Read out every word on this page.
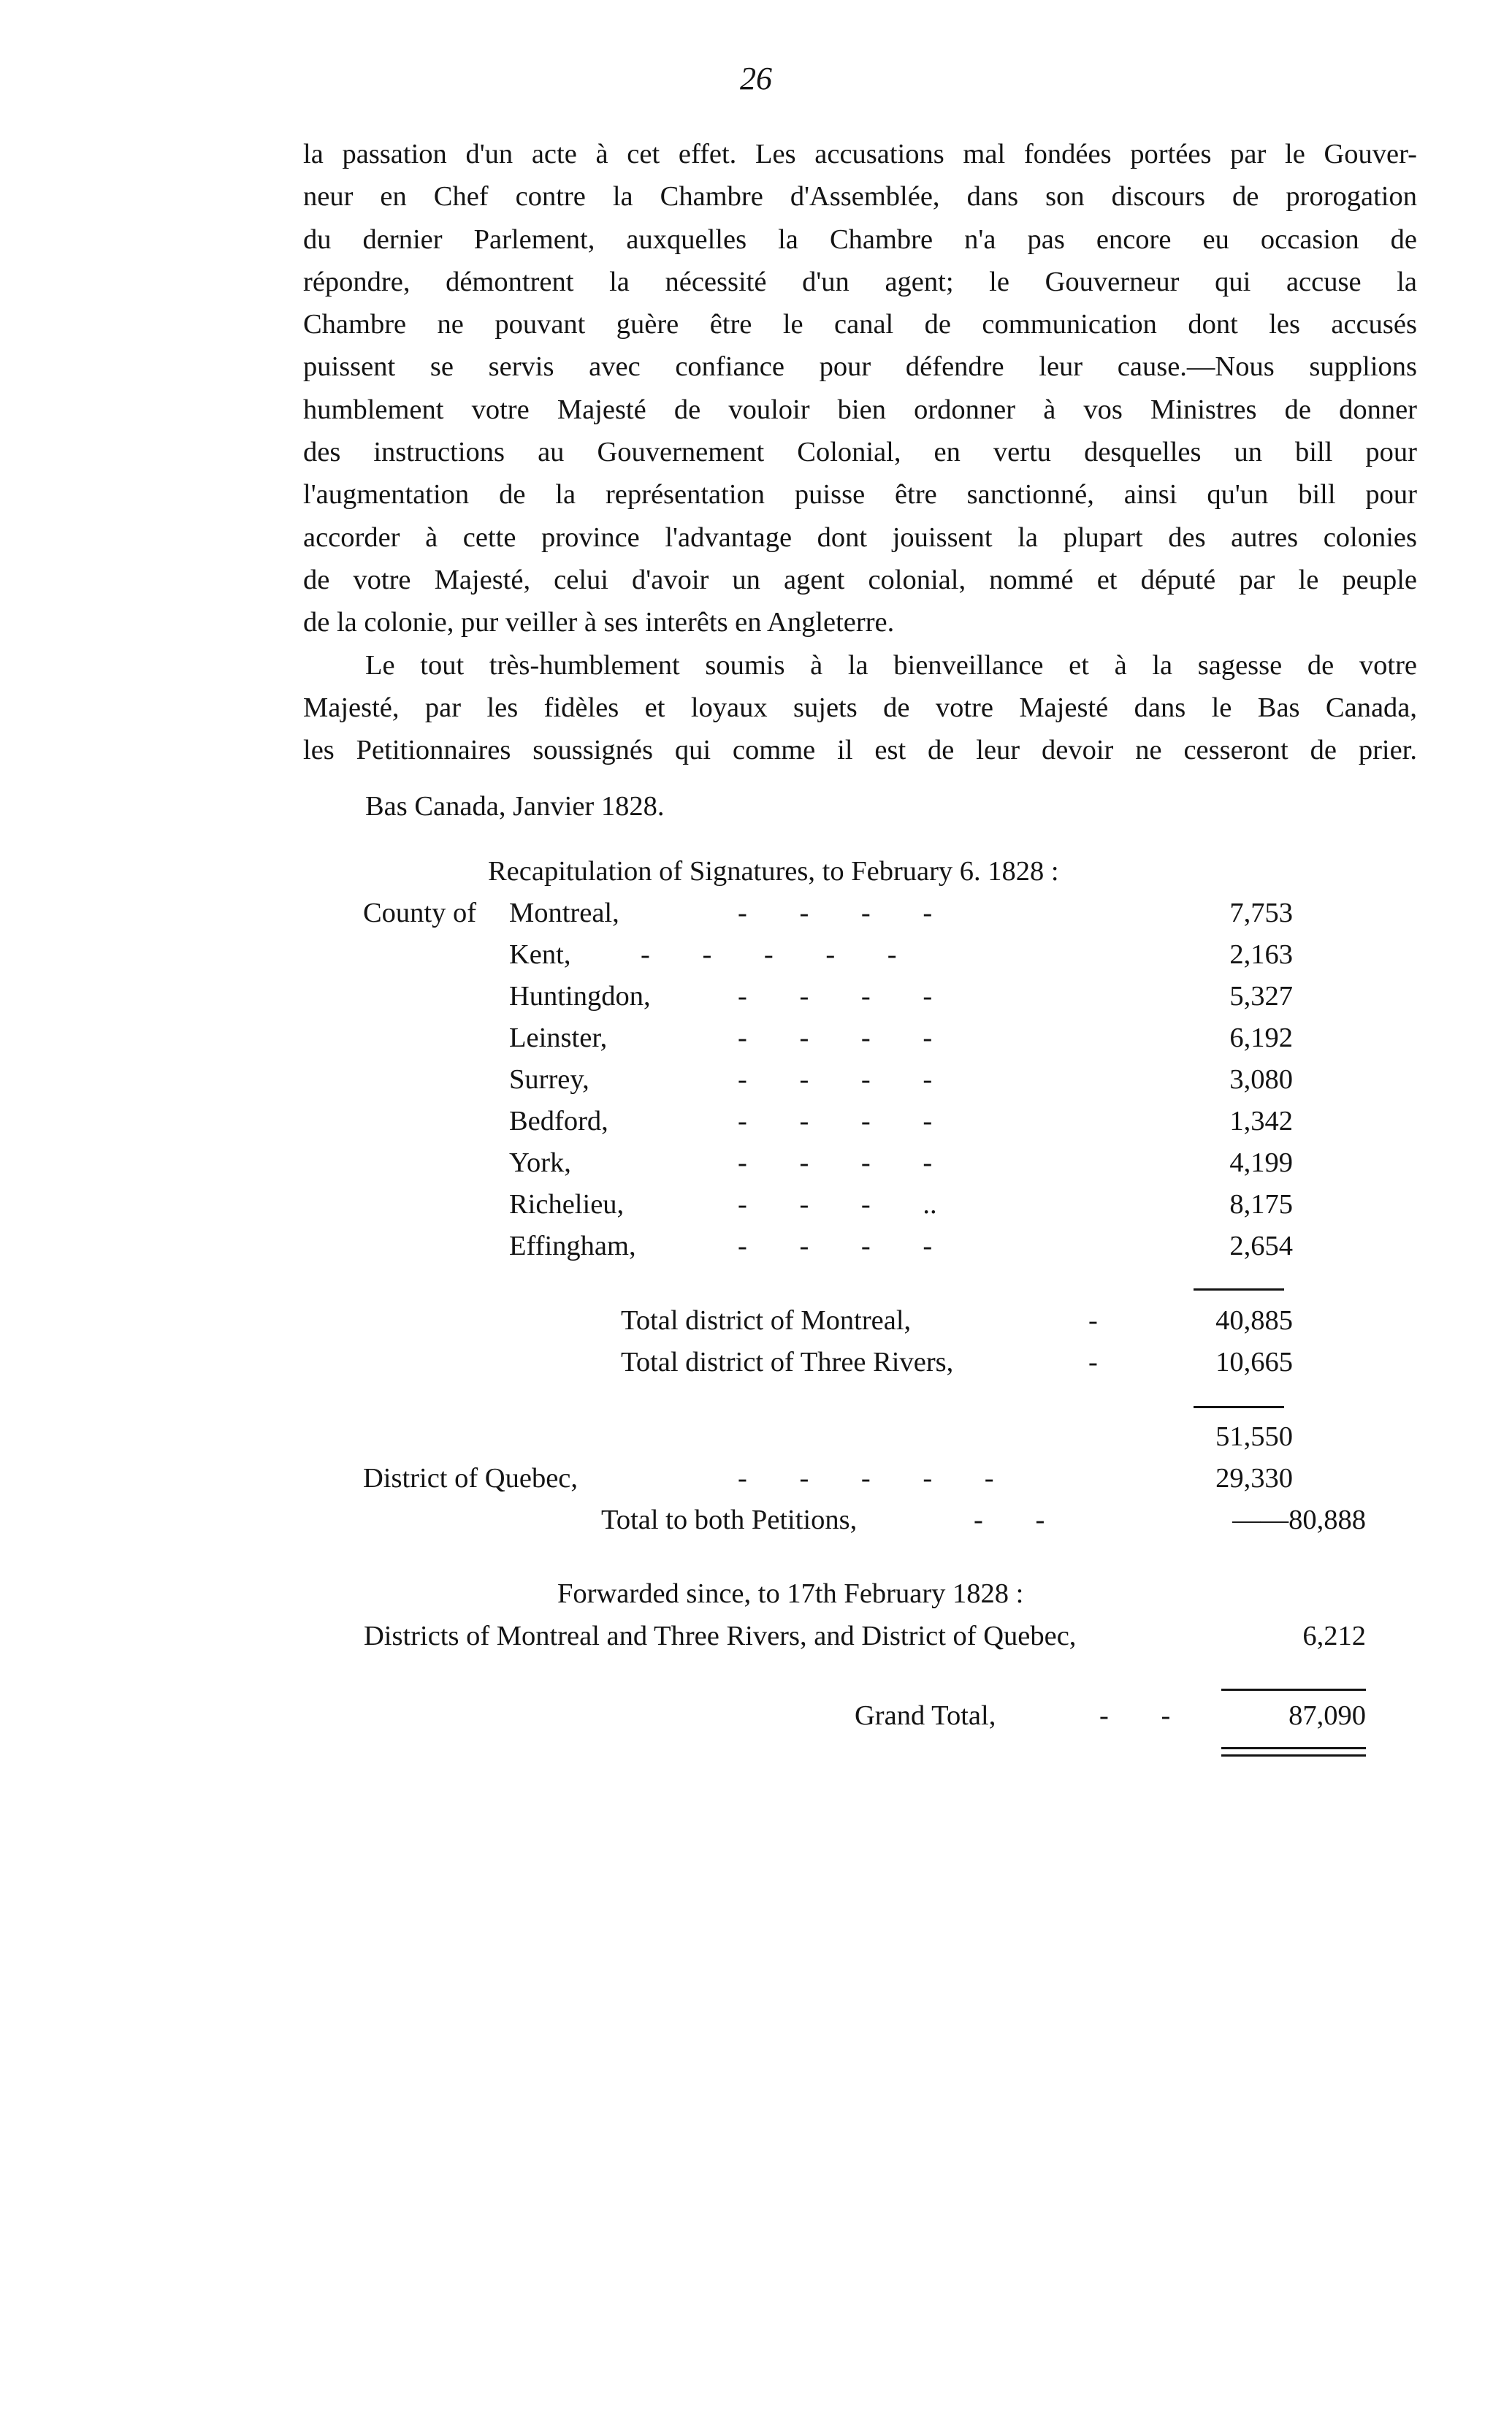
26
la passation d'un acte à cet effet. Les accusations mal fondées portées par le Gouver-
neur en Chef contre la Chambre d'Assemblée, dans son discours de prorogation
du dernier Parlement, auxquelles la Chambre n'a pas encore eu occasion de
répondre, démontrent la nécessité d'un agent; le Gouverneur qui accuse la
Chambre ne pouvant guère être le canal de communication dont les accusés
puissent se servis avec confiance pour défendre leur cause.—Nous supplions
humblement votre Majesté de vouloir bien ordonner à vos Ministres de donner
des instructions au Gouvernement Colonial, en vertu desquelles un bill pour
l'augmentation de la représentation puisse être sanctionné, ainsi qu'un bill pour
accorder à cette province l'advantage dont jouissent la plupart des autres colonies
de votre Majesté, celui d'avoir un agent colonial, nommé et député par le peuple
de la colonie, pur veiller à ses interêts en Angleterre.
Le tout très-humblement soumis à la bienveillance et à la sagesse de votre
Majesté, par les fidèles et loyaux sujets de votre Majesté dans le Bas Canada,
les Petitionnaires soussignés qui comme il est de leur devoir ne cesseront de prier.
Bas Canada, Janvier 1828.
Recapitulation of Signatures, to February 6. 1828 :
County of Montreal,	- - - -	7,753
Kent, - - - - -	2,163
Huntingdon,	- - - -	5,327
Leinster,	- - - -	6,192
Surrey,	- - - -	3,080
Bedford,	- - - -	1,342
York,	- - - -	4,199
Richelieu,	- - - ..	8,175
Effingham,	- - - -	2,654
Total district of Montreal,	-	40,885
Total district of Three Rivers,	-	10,665
51,550
District of Quebec,	- - - - -	29,330
Total to both Petitions,	- -	——80,888
Forwarded since, to 17th February 1828 :
Districts of Montreal and Three Rivers, and District of Quebec,	6,212
Grand Total,	- -	87,090
